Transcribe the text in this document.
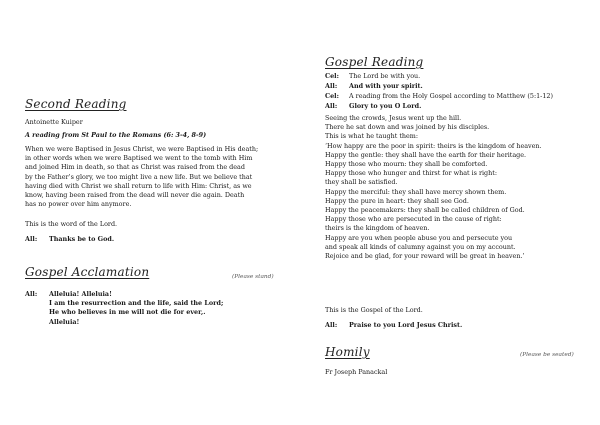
Second Reading
Antoinette Kuiper
A reading from St Paul to the Romans (6: 3-4, 8-9)
When we were Baptised in Jesus Christ, we were Baptised in His death;
in other words when we were Baptised we went to the tomb with Him
and joined Him in death, so that as Christ was raised from the dead
by the Father’s glory, we too might live a new life. But we believe that
having died with Christ we shall return to life with Him: Christ, as we
know, having been raised from the dead will never die again. Death
has no power over him anymore.
This is the word of the Lord.
All:	Thanks be to God.
Gospel Acclamation	(Please stand)
All: Alleluia! Alleluia!
I am the resurrection and the life, said the Lord;
He who believes in me will not die for ever,.
Alleluia!
Gospel Reading
Cel:	The Lord be with you.
All:	And with your spirit.
Cel:	A reading from the Holy Gospel according to Matthew (5:1-12)
All:	Glory to you O Lord.
Seeing the crowds, Jesus went up the hill.
There he sat down and was joined by his disciples.
This is what he taught them:
‘How happy are the poor in spirit: theirs is the kingdom of heaven.
Happy the gentle: they shall have the earth for their heritage.
Happy those who mourn: they shall be comforted.
Happy those who hunger and thirst for what is right:
they shall be satisfied.
Happy the merciful: they shall have mercy shown them.
Happy the pure in heart: they shall see God.
Happy the peacemakers: they shall be called children of God.
Happy those who are persecuted in the cause of right:
theirs is the kingdom of heaven.
Happy are you when people abuse you and persecute you
and speak all kinds of calumny against you on my account.
Rejoice and be glad, for your reward will be great in heaven.’
This is the Gospel of the Lord.
All:	Praise to you Lord Jesus Christ.
Homily	(Please be seated)
Fr Joseph Panackal
